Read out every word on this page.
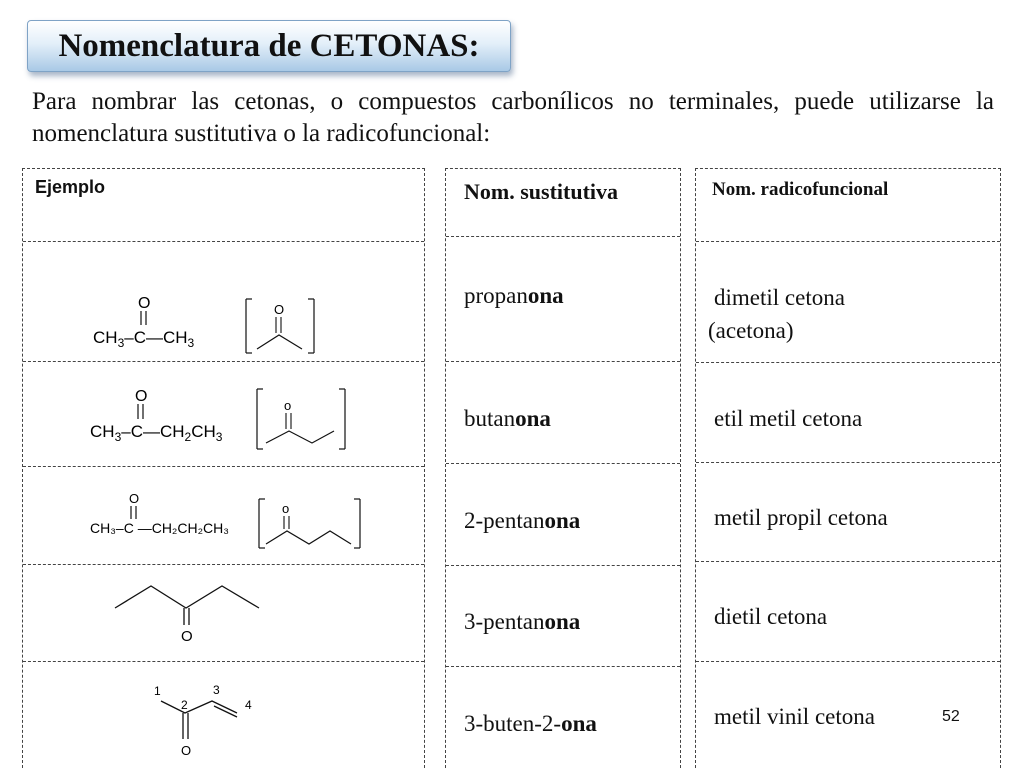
Nomenclatura de CETONAS:

Para nombrar las cetonas, o compuestos carbonílicos no terminales, puede utilizarse la nomenclatura sustitutiva o la radicofuncional:

Ejemplo
O
$CH_3-C—CH_3$
O
O
$CH_3-C—CH_2CH_3$
o
O
CH₃–C —CH₂CH₂CH₃
o
O
1
2
3
4
O
Nom. sustitutiva
propanona
butanona
2-pentanona
3-pentanona
3-buten-2-ona
Nom. radicofuncional
dimetil cetona
(acetona)
etil metil cetona
metil propil cetona
dietil cetona
metil vinil cetona	52
